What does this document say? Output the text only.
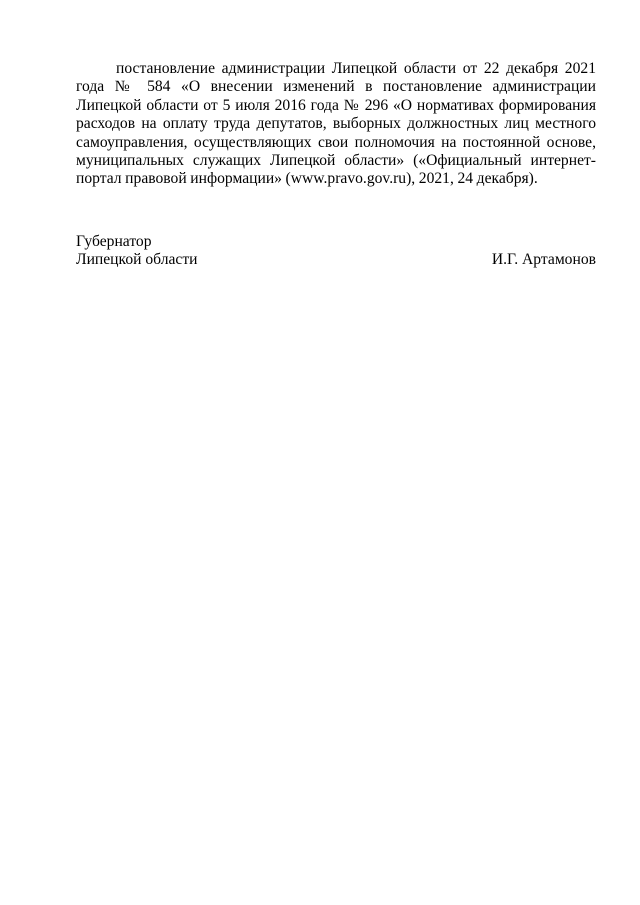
постановление администрации Липецкой области от 22 декабря 2021 года № 584 «О внесении изменений в постановление администрации Липецкой области от 5 июля 2016 года № 296 «О нормативах формирования расходов на оплату труда депутатов, выборных должностных лиц местного самоуправления, осуществляющих свои полномочия на постоянной основе, муниципальных служащих Липецкой области» («Официальный интернет-портал правовой информации» (www.pravo.gov.ru), 2021, 24 декабря).

Губернатор
Липецкой области	И.Г. Артамонов
